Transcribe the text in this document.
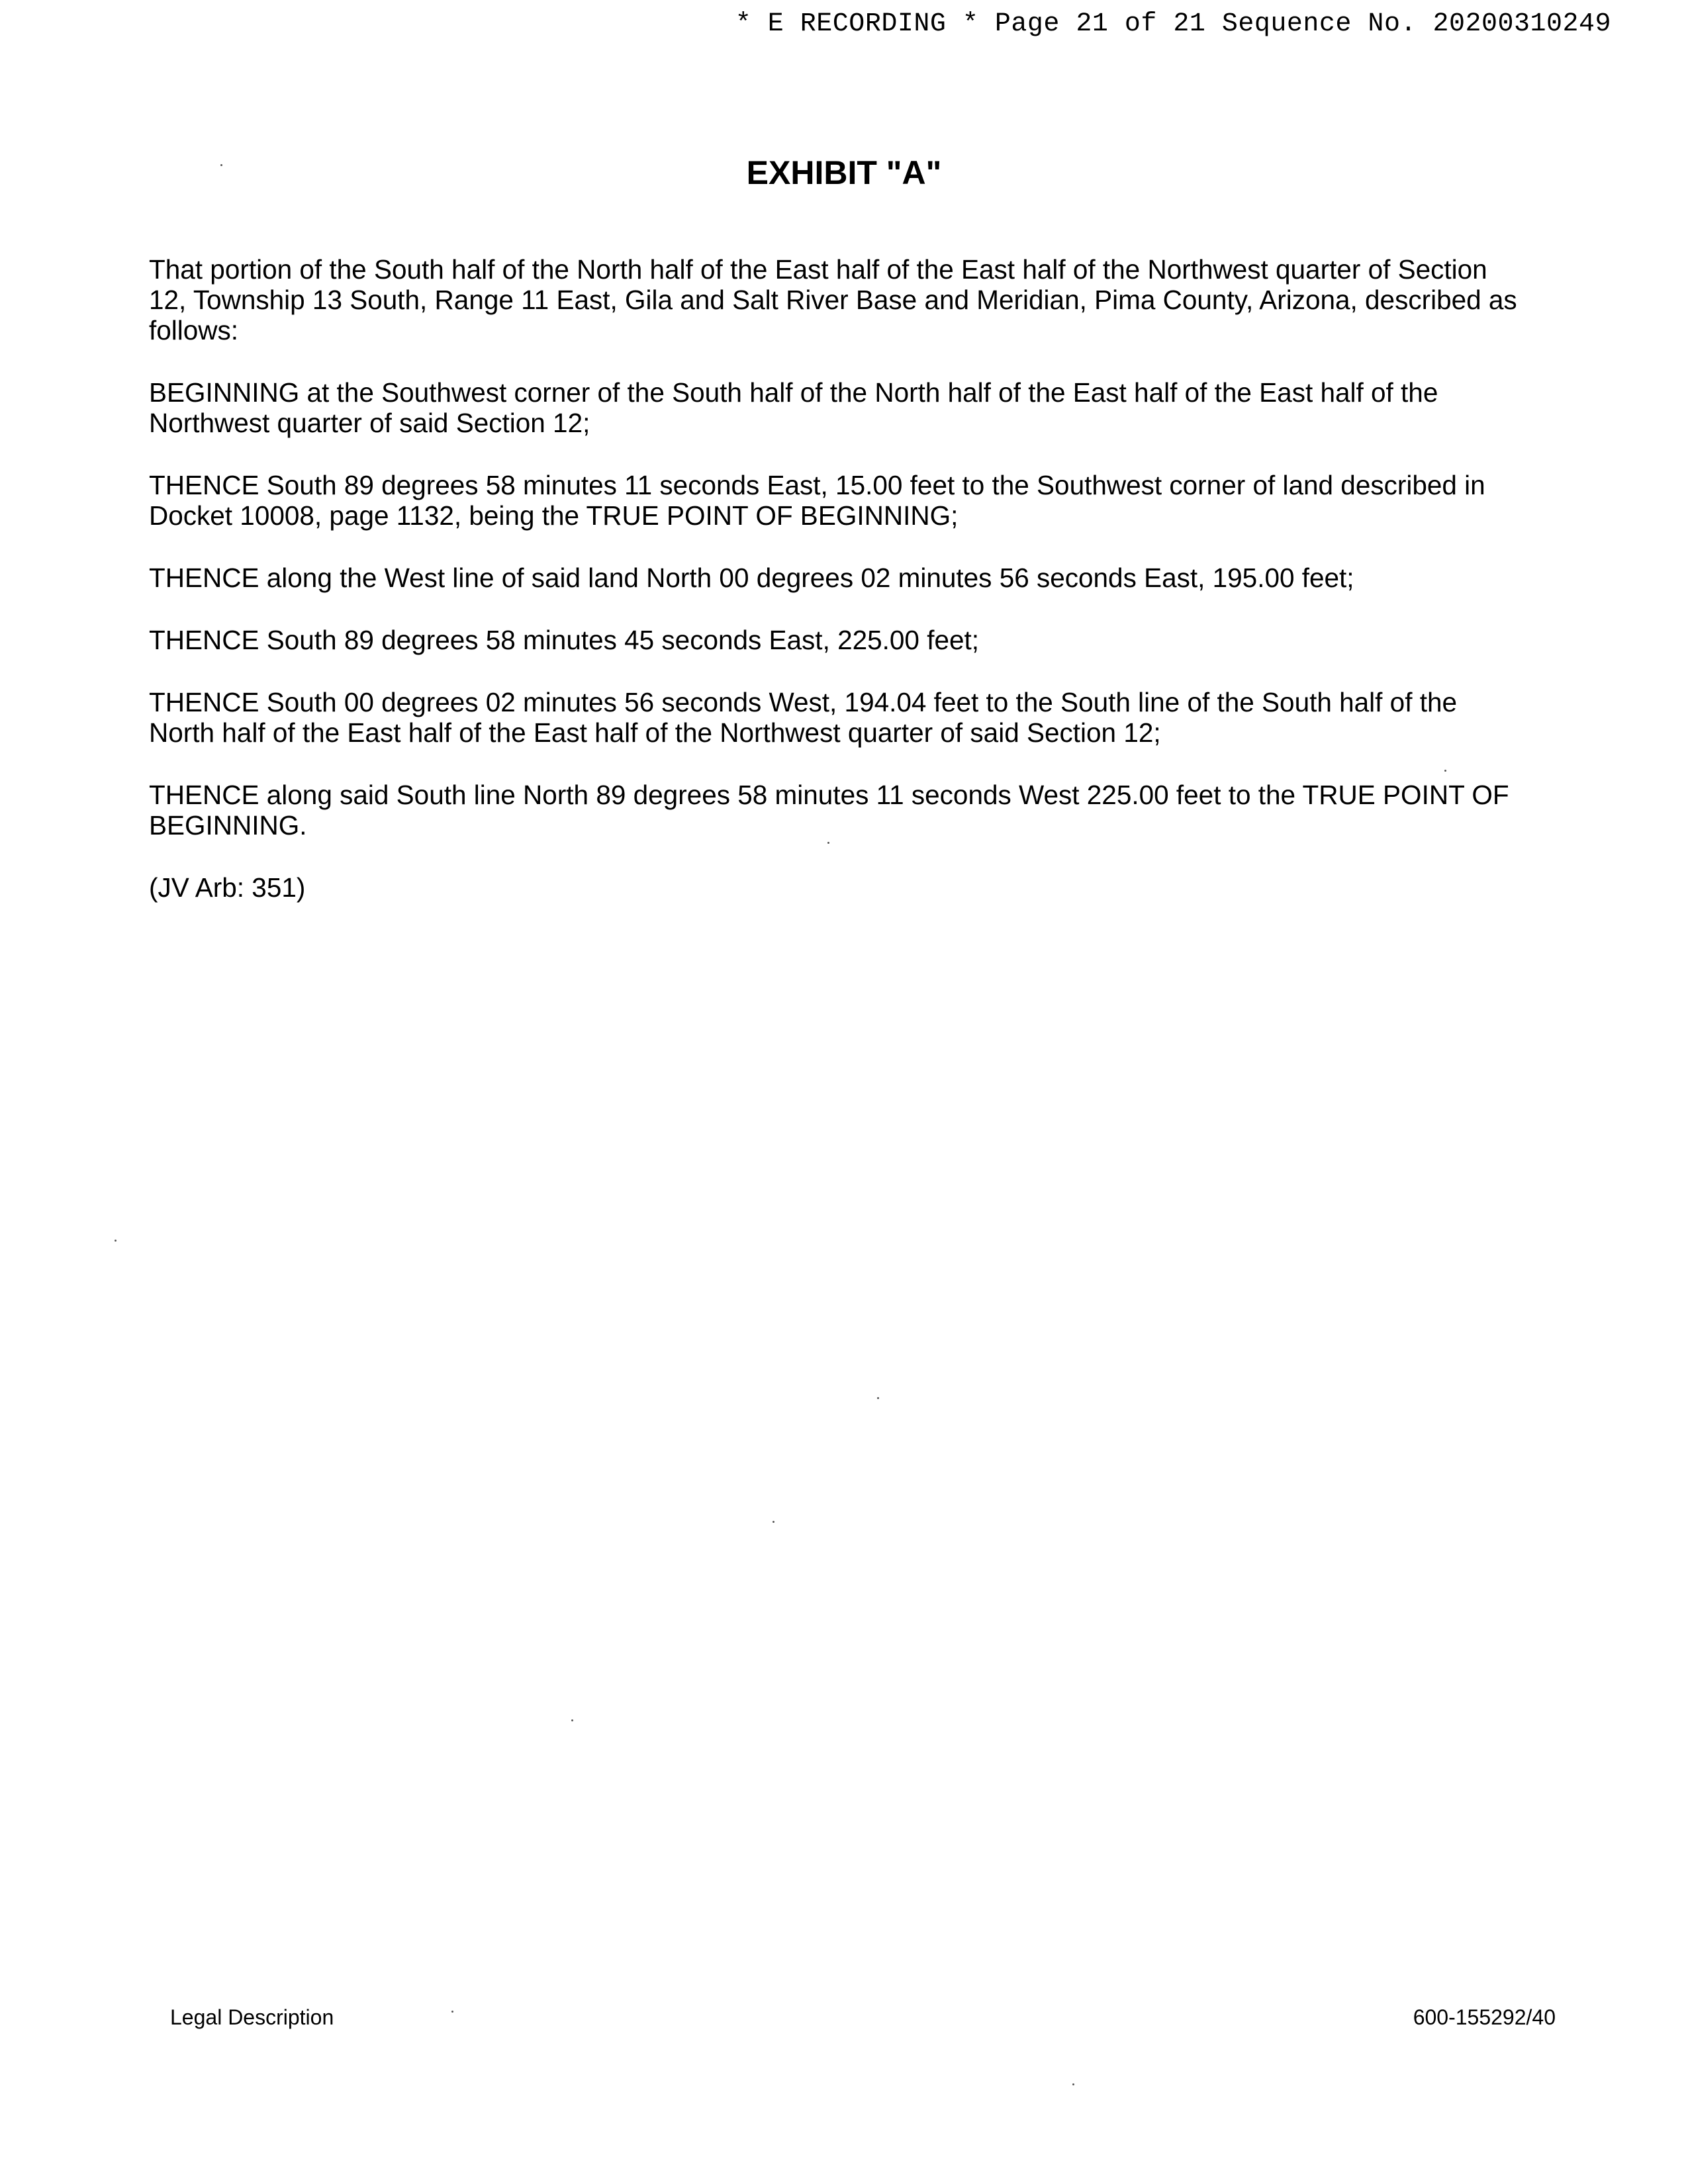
* E RECORDING * Page 21 of 21 Sequence No. 20200310249
EXHIBIT "A"

That portion of the South half of the North half of the East half of the East half of the Northwest quarter of Section 12, Township 13 South, Range 11 East, Gila and Salt River Base and Meridian, Pima County, Arizona, described as follows:

BEGINNING at the Southwest corner of the South half of the North half of the East half of the East half of the Northwest quarter of said Section 12;

THENCE South 89 degrees 58 minutes 11 seconds East, 15.00 feet to the Southwest corner of land described in Docket 10008, page 1132, being the TRUE POINT OF BEGINNING;

THENCE along the West line of said land North 00 degrees 02 minutes 56 seconds East, 195.00 feet;

THENCE South 89 degrees 58 minutes 45 seconds East, 225.00 feet;

THENCE South 00 degrees 02 minutes 56 seconds West, 194.04 feet to the South line of the South half of the North half of the East half of the East half of the Northwest quarter of said Section 12;

THENCE along said South line North 89 degrees 58 minutes 11 seconds West 225.00 feet to the TRUE POINT OF BEGINNING.

(JV Arb: 351)

Legal Description	600-155292/40
